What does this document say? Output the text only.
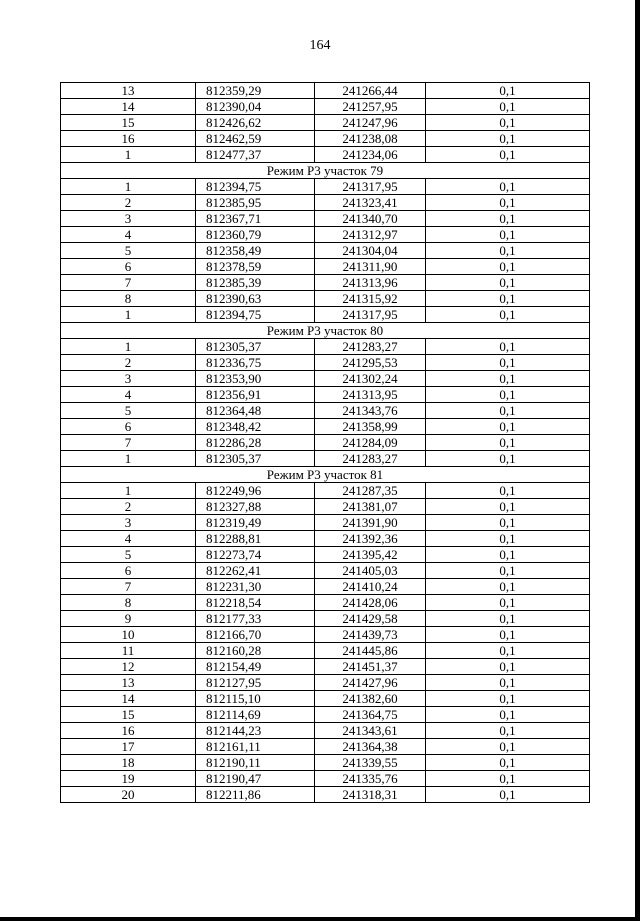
164
13	812359,29	241266,44	0,1
14	812390,04	241257,95	0,1
15	812426,62	241247,96	0,1
16	812462,59	241238,08	0,1
1	812477,37	241234,06	0,1
Режим Р3 участок 79			
1	812394,75	241317,95	0,1
2	812385,95	241323,41	0,1
3	812367,71	241340,70	0,1
4	812360,79	241312,97	0,1
5	812358,49	241304,04	0,1
6	812378,59	241311,90	0,1
7	812385,39	241313,96	0,1
8	812390,63	241315,92	0,1
1	812394,75	241317,95	0,1
Режим Р3 участок 80			
1	812305,37	241283,27	0,1
2	812336,75	241295,53	0,1
3	812353,90	241302,24	0,1
4	812356,91	241313,95	0,1
5	812364,48	241343,76	0,1
6	812348,42	241358,99	0,1
7	812286,28	241284,09	0,1
1	812305,37	241283,27	0,1
Режим Р3 участок 81			
1	812249,96	241287,35	0,1
2	812327,88	241381,07	0,1
3	812319,49	241391,90	0,1
4	812288,81	241392,36	0,1
5	812273,74	241395,42	0,1
6	812262,41	241405,03	0,1
7	812231,30	241410,24	0,1
8	812218,54	241428,06	0,1
9	812177,33	241429,58	0,1
10	812166,70	241439,73	0,1
11	812160,28	241445,86	0,1
12	812154,49	241451,37	0,1
13	812127,95	241427,96	0,1
14	812115,10	241382,60	0,1
15	812114,69	241364,75	0,1
16	812144,23	241343,61	0,1
17	812161,11	241364,38	0,1
18	812190,11	241339,55	0,1
19	812190,47	241335,76	0,1
20	812211,86	241318,31	0,1
